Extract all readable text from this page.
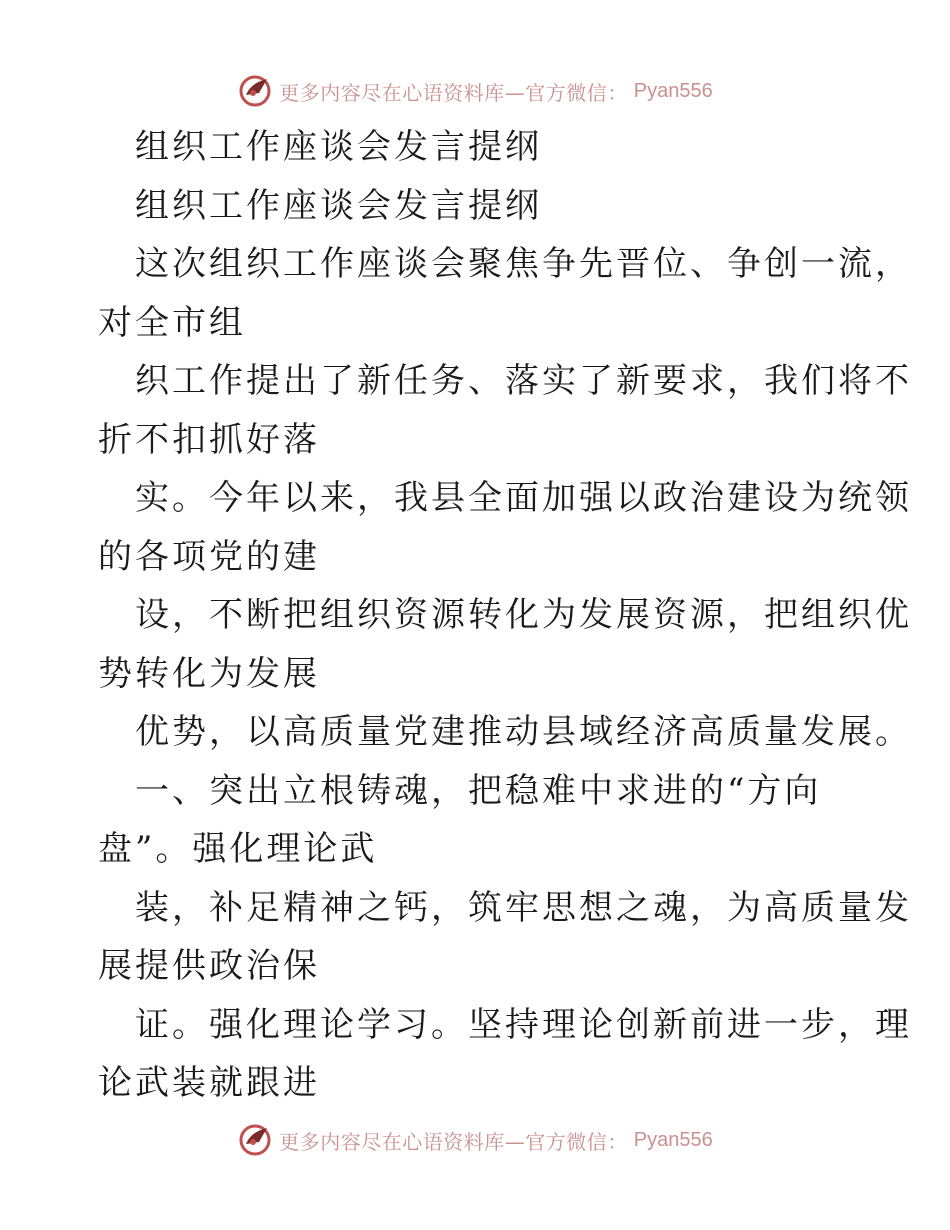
更多内容尽在心语资料库—官方微信： Pyan556
组织工作座谈会发言提纲
组织工作座谈会发言提纲
这次组织工作座谈会聚焦争先晋位、争创一流，
对全市组
织工作提出了新任务、落实了新要求，我们将不
折不扣抓好落
实。今年以来，我县全面加强以政治建设为统领
的各项党的建
设，不断把组织资源转化为发展资源，把组织优
势转化为发展
优势，以高质量党建推动县域经济高质量发展。
一、突出立根铸魂，把稳难中求进的“方向
盘”。强化理论武
装，补足精神之钙，筑牢思想之魂，为高质量发
展提供政治保
证。强化理论学习。坚持理论创新前进一步，理
论武装就跟进
更多内容尽在心语资料库—官方微信： Pyan556
